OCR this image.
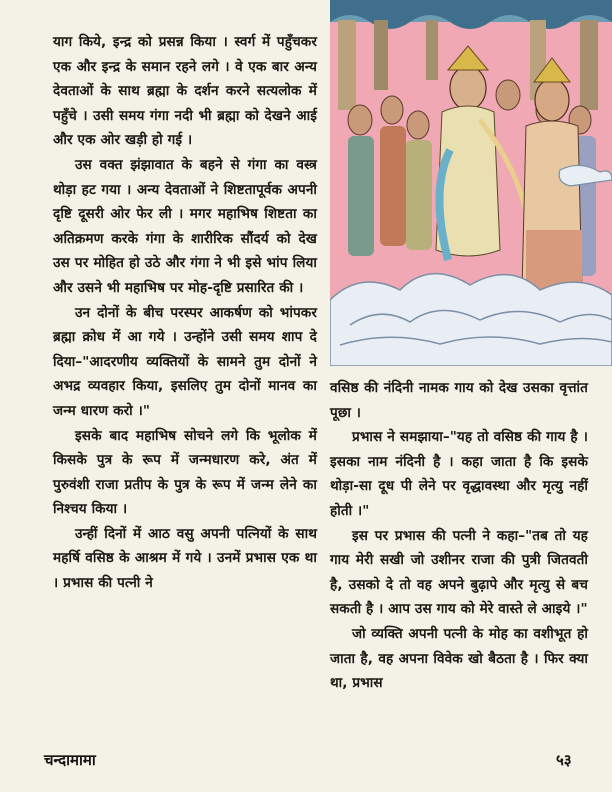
याग किये, इन्द्र को प्रसन्न किया । स्वर्ग में पहुँचकर एक और इन्द्र के समान रहने लगे । वे एक बार अन्य देवताओं के साथ ब्रह्मा के दर्शन करने सत्यलोक में पहुँचे । उसी समय गंगा नदी भी ब्रह्मा को देखने आई और एक ओर खड़ी हो गई ।

उस वक्त झंझावात के बहने से गंगा का वस्त्र थोड़ा हट गया । अन्य देवताओं ने शिष्टतापूर्वक अपनी दृष्टि दूसरी ओर फेर ली । मगर महाभिष शिष्टता का अतिक्रमण करके गंगा के शारीरिक सौंदर्य को देख उस पर मोहित हो उठे और गंगा ने भी इसे भांप लिया और उसने भी महाभिष पर मोह-दृष्टि प्रसारित की ।

उन दोनों के बीच परस्पर आकर्षण को भांपकर ब्रह्मा क्रोध में आ गये । उन्होंने उसी समय शाप दे दिया–"आदरणीय व्यक्तियों के सामने तुम दोनों ने अभद्र व्यवहार किया, इसलिए तुम दोनों मानव का जन्म धारण करो ।"

इसके बाद महाभिष सोचने लगे कि भूलोक में किसके पुत्र के रूप में जन्मधारण करे, अंत में पुरुवंशी राजा प्रतीप के पुत्र के रूप में जन्म लेने का निश्चय किया ।

उन्हीं दिनों में आठ वसु अपनी पत्नियों के साथ महर्षि वसिष्ठ के आश्रम में गये । उनमें प्रभास एक था । प्रभास की पत्नी ने

वसिष्ठ की नंदिनी नामक गाय को देख उसका वृत्तांत पूछा ।

प्रभास ने समझाया–"यह तो वसिष्ठ की गाय है । इसका नाम नंदिनी है । कहा जाता है कि इसके थोड़ा-सा दूध पी लेने पर वृद्धावस्था और मृत्यु नहीं होती ।"

इस पर प्रभास की पत्नी ने कहा–"तब तो यह गाय मेरी सखी जो उशीनर राजा की पुत्री जितवती है, उसको दे तो वह अपने बुढ़ापे और मृत्यु से बच सकती है । आप उस गाय को मेरे वास्ते ले आइये ।"

जो व्यक्ति अपनी पत्नी के मोह का वशीभूत हो जाता है, वह अपना विवेक खो बैठता है । फिर क्या था, प्रभास

चन्दामामा	५३
